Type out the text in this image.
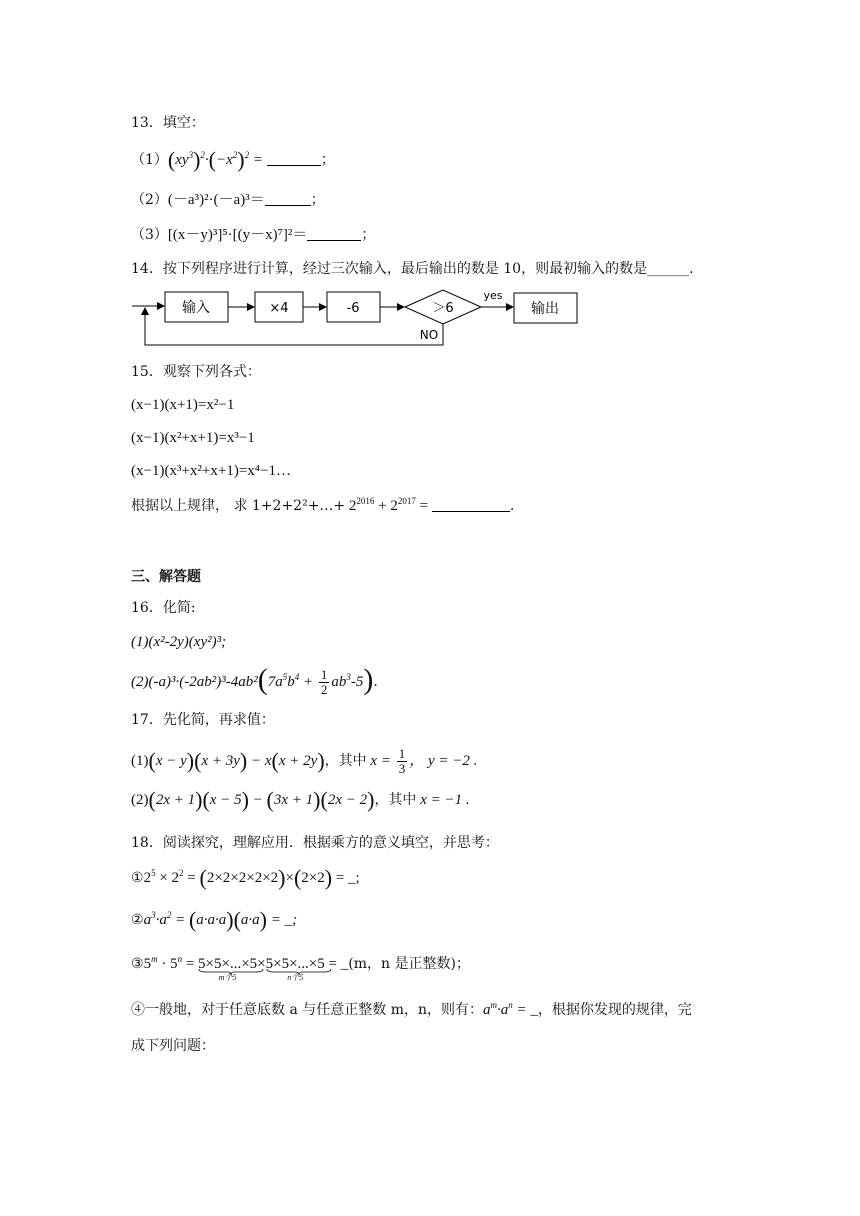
13．填空：
$(1)(xy^3)^2\cdot(-x^2)^2$ =	；
（2）(－a³)²·(－a)³＝	；
（3）[(x－y)³]⁵·[(y－x)⁷]²＝	；
14．按下列程序进行计算，经过三次输入，最后输出的数是 10，则最初输入的数是______.
输入	×4	-6	＞6
yes
输出
NO
15．观察下列各式：
(x−1)(x+1)=x²−1
(x−1)(x²+x+1)=x³−1
(x−1)(x³+x²+x+1)=x⁴−1…
根据以上规律， 求 1+2+2²+…+ $2^{2016} + 2^{2017}$ =	.
三、解答题
16．化简:
(1)(x²-2y)(xy²)³;
$(2)(-a)^3\cdot(-2ab^2)^3-4ab^2(7a^5b^4 + \frac{1}{2} ab^3-5)$.
17．先化简，再求值：
(1)(x − y)(x + 3y) − x(x + 2y)，其中 $x = \frac{1}{3}$ ， y = −2 .
(2)(2x + 1)(x − 5) − (3x + 1)(2x − 2)，其中 x = −1 .
18．阅读探究，理解应用．根据乘方的意义填空，并思考：
$①2^5 \times 2^2 = (2\times 2\times 2\times 2\times 2)\times(2\times 2)$ = _;
$②a^3\cdot a^2 = (a\cdot a\cdot a)(a\cdot a)$ = _;
$③5^m \cdot 5^n = 5\times 5\times...\times 5$
m个5
×5×5×...×5
n个5
= _(m，n 是正整数)；
④一般地，对于任意底数 a 与任意正整数 m，n，则有：$a^m\cdot a^n$ = _，根据你发现的规律，完
成下列问题：
